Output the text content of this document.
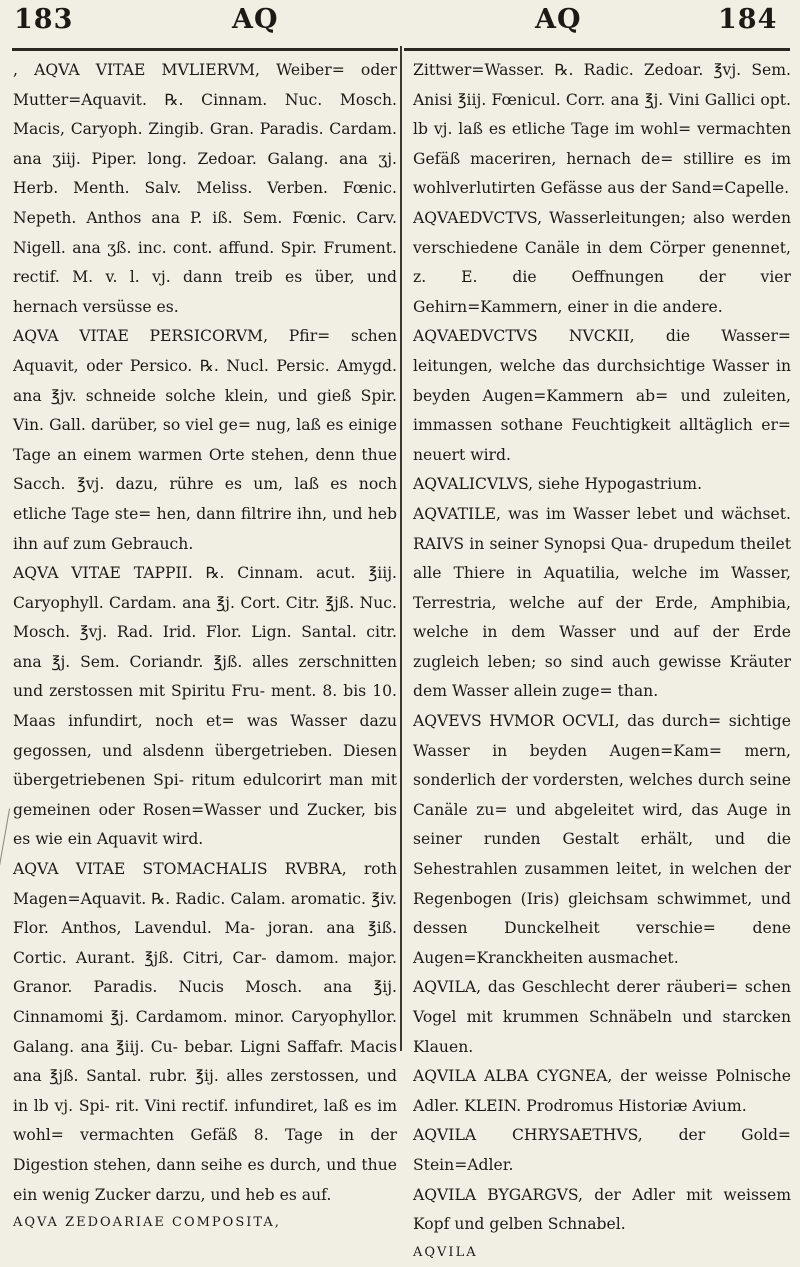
183	AQ	AQ	184

, AQVA VITAE MVLIERVM, Weiber= oder Mutter=Aquavit. ℞. Cinnam. Nuc. Mosch. Macis, Caryoph. Zingib. Gran. Paradis. Cardam. ana ʒiij. Piper. long. Zedoar. Galang. ana ʒj. Herb. Menth. Salv. Meliss. Verben. Fœnic. Nepeth. Anthos ana P. iß. Sem. Fœnic. Carv. Nigell. ana ʒß. inc. cont. affund. Spir. Frument. rectif. M. v. l. vj. dann treib es über, und hernach versüsse es.

AQVA VITAE PERSICORVM, Pfir= schen Aquavit, oder Persico. ℞. Nucl. Persic. Amygd. ana ℥jv. schneide solche klein, und gieß Spir. Vin. Gall. darüber, so viel ge= nug, laß es einige Tage an einem warmen Orte stehen, denn thue Sacch. ℥vj. dazu, rühre es um, laß es noch etliche Tage ste= hen, dann filtrire ihn, und heb ihn auf zum Gebrauch.

AQVA VITAE TAPPII. ℞. Cinnam. acut. ℥iij. Caryophyll. Cardam. ana ℥j. Cort. Citr. ℥jß. Nuc. Mosch. ℥vj. Rad. Irid. Flor. Lign. Santal. citr. ana ℥j. Sem. Coriandr. ℥jß. alles zerschnitten und zerstossen mit Spiritu Fru- ment. 8. bis 10. Maas infundirt, noch et= was Wasser dazu gegossen, und alsdenn übergetrieben. Diesen übergetriebenen Spi- ritum edulcorirt man mit gemeinen oder Rosen=Wasser und Zucker, bis es wie ein Aquavit wird.

AQVA VITAE STOMACHALIS RVBRA, roth Magen=Aquavit. ℞. Radic. Calam. aromatic. ℥iv. Flor. Anthos, Lavendul. Ma- joran. ana ℥iß. Cortic. Aurant. ℥jß. Citri, Car- damom. major. Granor. Paradis. Nucis Mosch. ana ℥ij. Cinnamomi ℥j. Cardamom. minor. Caryophyllor. Galang. ana ℥iij. Cu- bebar. Ligni Saffafr. Macis ana ℥jß. Santal. rubr. ℥ij. alles zerstossen, und in lb vj. Spi- rit. Vini rectif. infundiret, laß es im wohl= vermachten Gefäß 8. Tage in der Digestion stehen, dann seihe es durch, und thue ein wenig Zucker darzu, und heb es auf.

AQVA ZEDOARIAE COMPOSITA,

Zittwer=Wasser. ℞. Radic. Zedoar. ℥vj. Sem. Anisi ℥iij. Fœnicul. Corr. ana ℥j. Vini Gallici opt. lb vj. laß es etliche Tage im wohl= vermachten Gefäß maceriren, hernach de= stillire es im wohlverlutirten Gefässe aus der Sand=Capelle.

AQVAEDVCTVS, Wasserleitungen; also werden verschiedene Canäle in dem Cörper genennet, z. E. die Oeffnungen der vier Gehirn=Kammern, einer in die andere.

AQVAEDVCTVS NVCKII, die Wasser= leitungen, welche das durchsichtige Wasser in beyden Augen=Kammern ab= und zuleiten, immassen sothane Feuchtigkeit alltäglich er= neuert wird.

AQVALICVLVS, siehe Hypogastrium.

AQVATILE, was im Wasser lebet und wächset. RAIVS in seiner Synopsi Qua- drupedum theilet alle Thiere in Aquatilia, welche im Wasser, Terrestria, welche auf der Erde, Amphibia, welche in dem Wasser und auf der Erde zugleich leben; so sind auch gewisse Kräuter dem Wasser allein zuge= than.

AQVEVS HVMOR OCVLI, das durch= sichtige Wasser in beyden Augen=Kam= mern, sonderlich der vordersten, welches durch seine Canäle zu= und abgeleitet wird, das Auge in seiner runden Gestalt erhält, und die Sehestrahlen zusammen leitet, in welchen der Regenbogen (Iris) gleichsam schwimmet, und dessen Dunckelheit verschie= dene Augen=Kranckheiten ausmachet.

AQVILA, das Geschlecht derer räuberi= schen Vogel mit krummen Schnäbeln und starcken Klauen.

AQVILA ALBA CYGNEA, der weisse Polnische Adler. KLEIN. Prodromus Historiæ Avium.

AQVILA CHRYSAETHVS, der Gold= Stein=Adler.

AQVILA BYGARGVS, der Adler mit weissem Kopf und gelben Schnabel.

AQVILA
